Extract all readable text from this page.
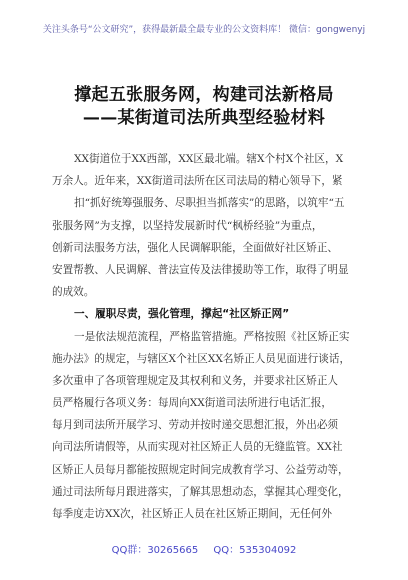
关注头条号“公文研究”，获得最新最全最专业的公文资料库！ 微信：gongwenyj
撑起五张服务网，构建司法新格局
——某街道司法所典型经验材料
XX街道位于XX西部，XX区最北端。辖X个村X个社区，X
万余人。近年来，XX街道司法所在区司法局的精心领导下，紧
扣“抓好统筹强服务、尽职担当抓落实”的思路，以筑牢“五
张服务网”为支撑，以坚持发展新时代“枫桥经验”为重点，
创新司法服务方法，强化人民调解职能，全面做好社区矫正、
安置帮教、人民调解、普法宣传及法律援助等工作，取得了明显
的成效。
一、履职尽责，强化管理，撑起“社区矫正网”
一是依法规范流程，严格监管措施。严格按照《社区矫正实
施办法》的规定，与辖区X个社区XX名矫正人员见面进行谈话，
多次重申了各项管理规定及其权利和义务，并要求社区矫正人
员严格履行各项义务：每周向XX街道司法所进行电话汇报，
每月到司法所开展学习、劳动并按时递交思想汇报，外出必须
向司法所请假等，从而实现对社区矫正人员的无缝监管。XX社
区矫正人员每月都能按照规定时间完成教育学习、公益劳动等，
通过司法所每月跟进落实，了解其思想动态，掌握其心理变化，
每季度走访XX次，社区矫正人员在社区矫正期间，无任何外
QQ群：30265665 QQ：535304092
